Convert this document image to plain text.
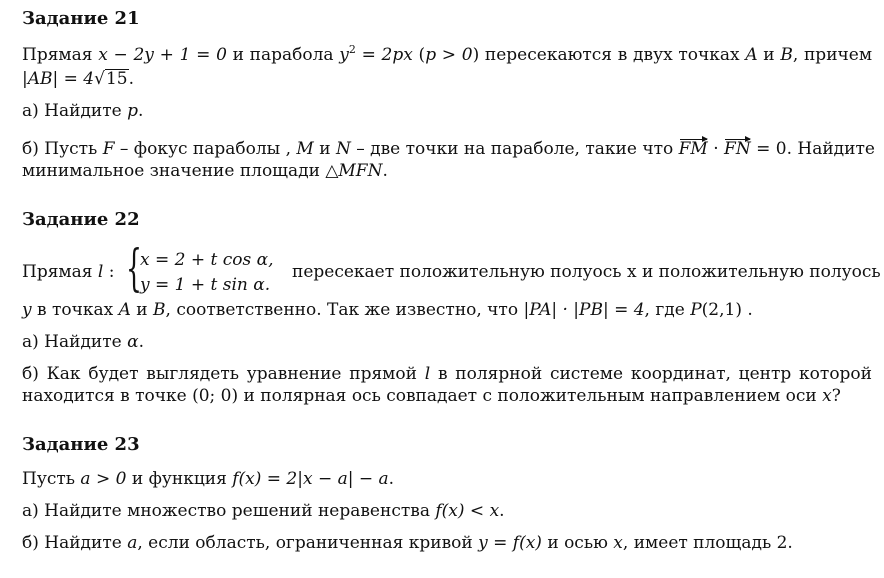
Задание 21
Прямая x − 2y + 1 = 0 и парабола $y^2 = 2px$ (p > 0) пересекаются в двух точках A и B, причем
|AB| = 4√15.
а) Найдите p.
б) Пусть F – фокус параболы , M и N – две точки на параболе, такие что FM · FN = 0. Найдите
минимальное значение площади △MFN.
Задание 22
Прямая l : {
x = 2 + t cos α,
y = 1 + t sin α.
пересекает положительную полуось x и положительную полуось
y в точках A и B, соответственно. Так же известно, что |PA| · |PB| = 4, где P(2,1) .
а) Найдите α.
б) Как будет выглядеть уравнение прямой l в полярной системе координат, центр которой
находится в точке (0; 0) и полярная ось совпадает с положительным направлением оси x?
Задание 23
Пусть a > 0 и функция f(x) = 2|x − a| − a.
а) Найдите множество решений неравенства f(x) < x.
б) Найдите a, если область, ограниченная кривой y = f(x) и осью x, имеет площадь 2.
